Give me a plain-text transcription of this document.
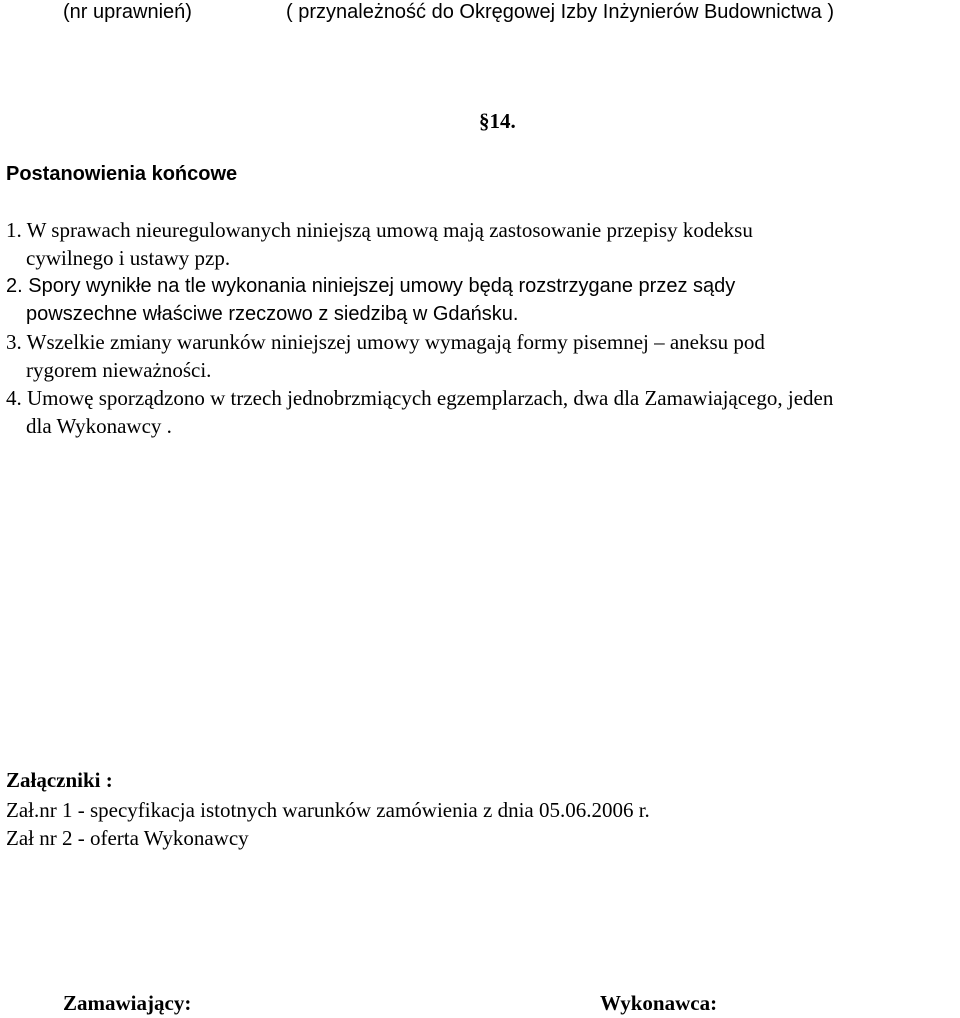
(nr uprawnień)	( przynależność do Okręgowej Izby Inżynierów Budownictwa )

§14.

Postanowienia końcowe

1. W sprawach nieuregulowanych niniejszą umową mają zastosowanie przepisy kodeksu

cywilnego i ustawy pzp.

2. Spory wynikłe na tle wykonania niniejszej umowy będą rozstrzygane przez sądy

powszechne właściwe rzeczowo z siedzibą w Gdańsku.

3. Wszelkie zmiany warunków niniejszej umowy wymagają formy pisemnej – aneksu pod

rygorem nieważności.

4. Umowę sporządzono w trzech jednobrzmiących egzemplarzach, dwa dla Zamawiającego, jeden

dla Wykonawcy .

Załączniki :

Zał.nr 1 - specyfikacja istotnych warunków zamówienia z dnia 05.06.2006 r.

Zał nr 2 - oferta Wykonawcy

Zamawiający:	Wykonawca:
